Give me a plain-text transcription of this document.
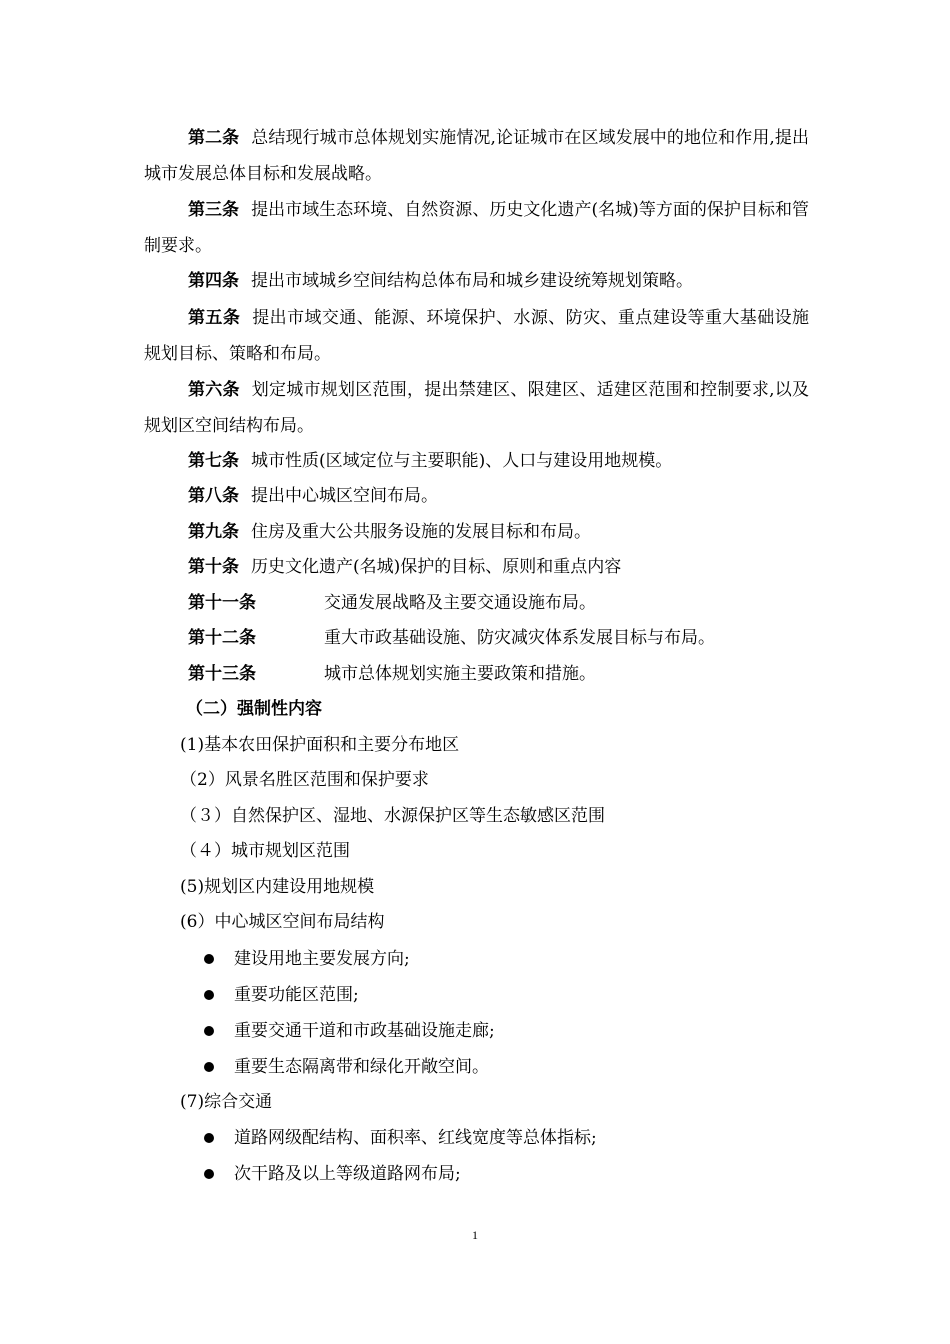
第二条 总结现行城市总体规划实施情况,论证城市在区域发展中的地位和作用,提出城市发展总体目标和发展战略。

第三条 提出市域生态环境、自然资源、历史文化遗产(名城)等方面的保护目标和管制要求。

第四条 提出市域城乡空间结构总体布局和城乡建设统筹规划策略。

第五条 提出市域交通、能源、环境保护、水源、防灾、重点建设等重大基础设施规划目标、策略和布局。

第六条 划定城市规划区范围，提出禁建区、限建区、适建区范围和控制要求,以及规划区空间结构布局。

第七条 城市性质(区域定位与主要职能)、人口与建设用地规模。

第八条 提出中心城区空间布局。

第九条 住房及重大公共服务设施的发展目标和布局。

第十条 历史文化遗产(名城)保护的目标、原则和重点内容

第十一条	交通发展战略及主要交通设施布局。

第十二条	重大市政基础设施、防灾减灾体系发展目标与布局。

第十三条	城市总体规划实施主要政策和措施。

（二）强制性内容

(1)基本农田保护面积和主要分布地区

（2）风景名胜区范围和保护要求

（３）自然保护区、湿地、水源保护区等生态敏感区范围

（４）城市规划区范围

(5)规划区内建设用地规模

(6）中心城区空间布局结构

建设用地主要发展方向;

重要功能区范围;

重要交通干道和市政基础设施走廊;

重要生态隔离带和绿化开敞空间。

(7)综合交通

道路网级配结构、面积率、红线宽度等总体指标;

次干路及以上等级道路网布局;

1
